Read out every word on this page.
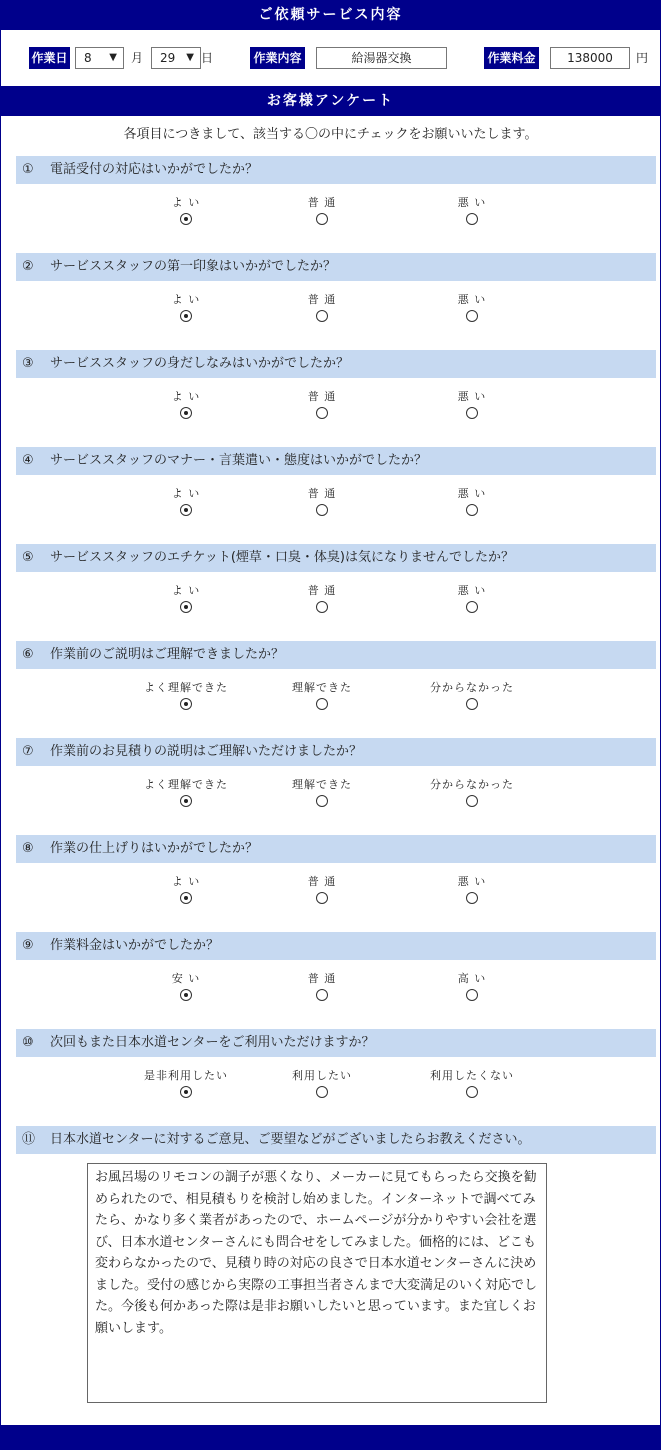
ご依頼サービス内容
作業日	8 ▼ 月	29 ▼ 日	作業内容	給湯器交換	作業料金	138000	円
お客様アンケート
各項目につきまして、該当する〇の中にチェックをお願いいたします。
① 電話受付の対応はいかがでしたか？
よ い	普 通	悪 い
② サービススタッフの第一印象はいかがでしたか？
よ い	普 通	悪 い
③ サービススタッフの身だしなみはいかがでしたか？
よ い	普 通	悪 い
④ サービススタッフのマナー・言葉遣い・態度はいかがでしたか？
よ い	普 通	悪 い
⑤ サービススタッフのエチケット(煙草・口臭・体臭)は気になりませんでしたか？
よ い	普 通	悪 い
⑥ 作業前のご説明はご理解できましたか？
よく理解できた	理解できた	分からなかった
⑦ 作業前のお見積りの説明はご理解いただけましたか？
よく理解できた	理解できた	分からなかった
⑧ 作業の仕上げりはいかがでしたか？
よ い	普 通	悪 い
⑨ 作業料金はいかがでしたか？
安 い	普 通	高 い
⑩ 次回もまた日本水道センターをご利用いただけますか？
是非利用したい	利用したい	利用したくない
⑪ 日本水道センターに対するご意見、ご要望などがございましたらお教えください。
お風呂場のリモコンの調子が悪くなり、メーカーに見てもらったら交換を勧められたので、相見積もりを検討し始めました。インターネットで調べてみたら、かなり多く業者があったので、ホームページが分かりやすい会社を選び、日本水道センターさんにも問合せをしてみました。価格的には、どこも変わらなかったので、見積り時の対応の良さで日本水道センターさんに決めました。受付の感じから実際の工事担当者さんまで大変満足のいく対応でした。今後も何かあった際は是非お願いしたいと思っています。また宜しくお願いします。
